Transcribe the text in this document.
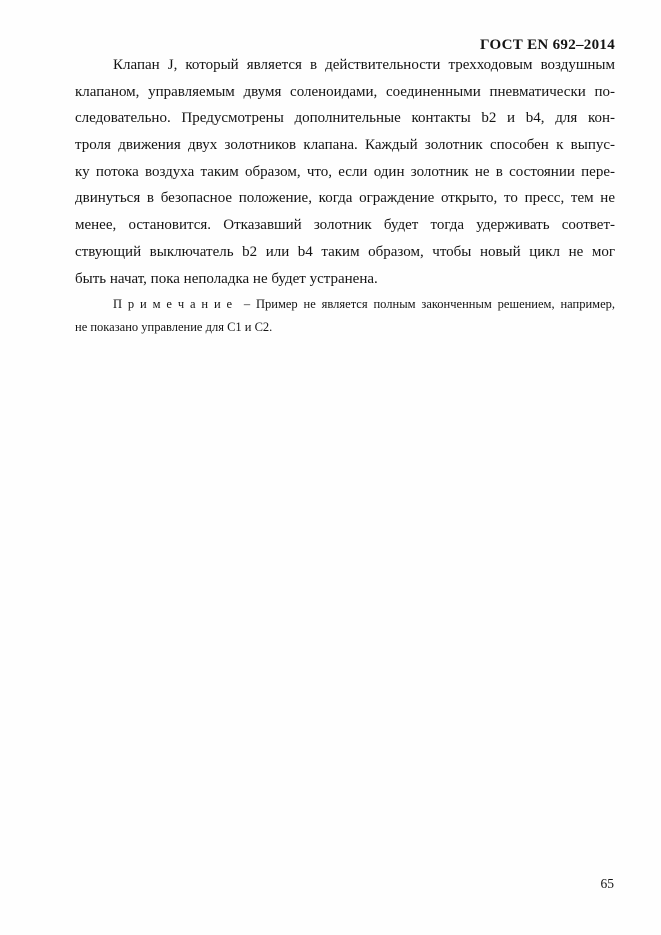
ГОСТ EN 692–2014
Клапан J, который является в действительности трехходовым воздушным
клапаном, управляемым двумя соленоидами, соединенными пневматически по-
следовательно. Предусмотрены дополнительные контакты b2 и b4, для кон-
троля движения двух золотников клапана. Каждый золотник способен к выпус-
ку потока воздуха таким образом, что, если один золотник не в состоянии пере-
двинуться в безопасное положение, когда ограждение открыто, то пресс, тем не
менее, остановится. Отказавший золотник будет тогда удерживать соответ-
ствующий выключатель b2 или b4 таким образом, чтобы новый цикл не мог
быть начат, пока неполадка не будет устранена.
П р и м е ч а н и е  – Пример не является полным законченным решением, например,
не показано управление для C1 и C2.
65
